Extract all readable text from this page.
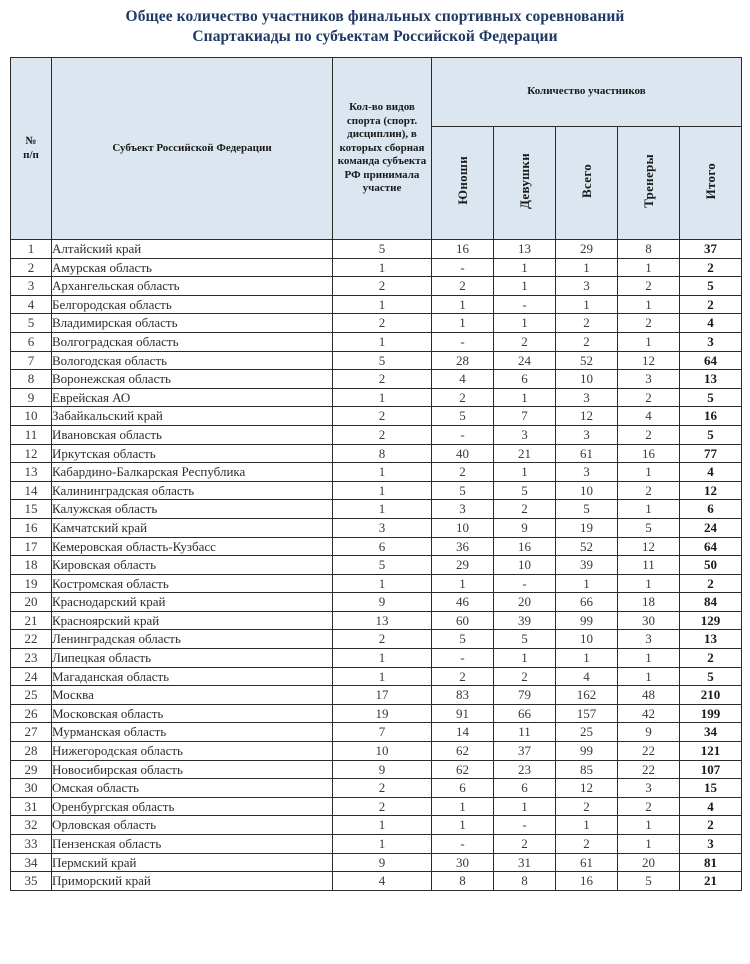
Общее количество участников финальных спортивных соревнований
Спартакиады по субъектам Российской Федерации
№
п/п	Субъект Российской Федерации	Кол-во видов спорта (спорт. дисциплин), в которых сборная команда субъекта РФ принимала участие	Количество участников				
			Юноши	Девушки	Всего	Тренеры	Итого
1	Алтайский край	5	16	13	29	8	37
2	Амурская область	1	-	1	1	1	2
3	Архангельская область	2	2	1	3	2	5
4	Белгородская область	1	1	-	1	1	2
5	Владимирская область	2	1	1	2	2	4
6	Волгоградская область	1	-	2	2	1	3
7	Вологодская область	5	28	24	52	12	64
8	Воронежская область	2	4	6	10	3	13
9	Еврейская АО	1	2	1	3	2	5
10	Забайкальский край	2	5	7	12	4	16
11	Ивановская область	2	-	3	3	2	5
12	Иркутская область	8	40	21	61	16	77
13	Кабардино-Балкарская Республика	1	2	1	3	1	4
14	Калининградская область	1	5	5	10	2	12
15	Калужская область	1	3	2	5	1	6
16	Камчатский край	3	10	9	19	5	24
17	Кемеровская область-Кузбасс	6	36	16	52	12	64
18	Кировская область	5	29	10	39	11	50
19	Костромская область	1	1	-	1	1	2
20	Краснодарский край	9	46	20	66	18	84
21	Красноярский край	13	60	39	99	30	129
22	Ленинградская область	2	5	5	10	3	13
23	Липецкая область	1	-	1	1	1	2
24	Магаданская область	1	2	2	4	1	5
25	Москва	17	83	79	162	48	210
26	Московская область	19	91	66	157	42	199
27	Мурманская область	7	14	11	25	9	34
28	Нижегородская область	10	62	37	99	22	121
29	Новосибирская область	9	62	23	85	22	107
30	Омская область	2	6	6	12	3	15
31	Оренбургская область	2	1	1	2	2	4
32	Орловская область	1	1	-	1	1	2
33	Пензенская область	1	-	2	2	1	3
34	Пермский край	9	30	31	61	20	81
35	Приморский край	4	8	8	16	5	21
